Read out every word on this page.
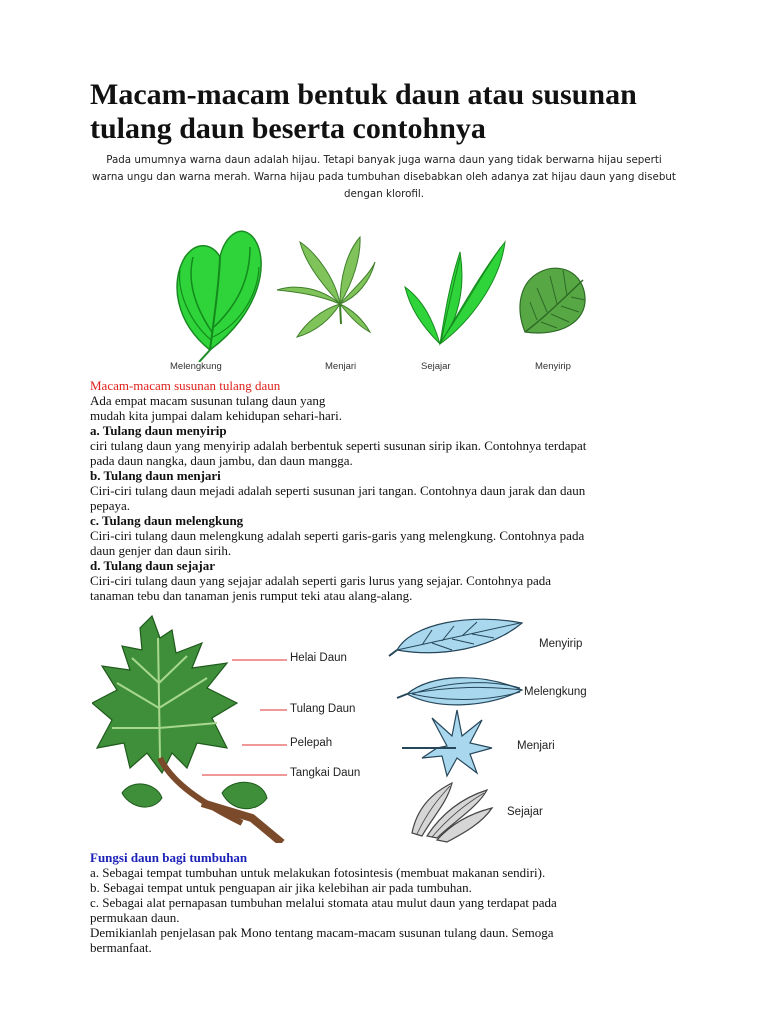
Macam-macam bentuk daun atau susunan tulang daun beserta contohnya

Pada umumnya warna daun adalah hijau. Tetapi banyak juga warna daun yang tidak berwarna hijau seperti warna ungu dan warna merah. Warna hijau pada tumbuhan disebabkan oleh adanya zat hijau daun yang disebut dengan klorofil.

Melengkung	Menjari	Sejajar	Menyirip

Macam-macam susunan tulang daun

Ada empat macam susunan tulang daun yang

mudah kita jumpai dalam kehidupan sehari-hari.

a. Tulang daun menyirip

ciri tulang daun yang menyirip adalah berbentuk seperti susunan sirip ikan. Contohnya terdapat

pada daun nangka, daun jambu, dan daun mangga.

b. Tulang daun menjari

Ciri-ciri tulang daun mejadi adalah seperti susunan jari tangan. Contohnya daun jarak dan daun

pepaya.

c. Tulang daun melengkung

Ciri-ciri tulang daun melengkung adalah seperti garis-garis yang melengkung. Contohnya pada

daun genjer dan daun sirih.

d. Tulang daun sejajar

Ciri-ciri tulang daun yang sejajar adalah seperti garis lurus yang sejajar. Contohnya pada

tanaman tebu dan tanaman jenis rumput teki atau alang-alang.

Helai Daun
Tulang Daun
Pelepah
Tangkai Daun
Menyirip
Melengkung
Menjari
Sejajar

Fungsi daun bagi tumbuhan

a. Sebagai tempat tumbuhan untuk melakukan fotosintesis (membuat makanan sendiri).

b. Sebagai tempat untuk penguapan air jika kelebihan air pada tumbuhan.

c. Sebagai alat pernapasan tumbuhan melalui stomata atau mulut daun yang terdapat pada

permukaan daun.

Demikianlah penjelasan pak Mono tentang macam-macam susunan tulang daun. Semoga

bermanfaat.
